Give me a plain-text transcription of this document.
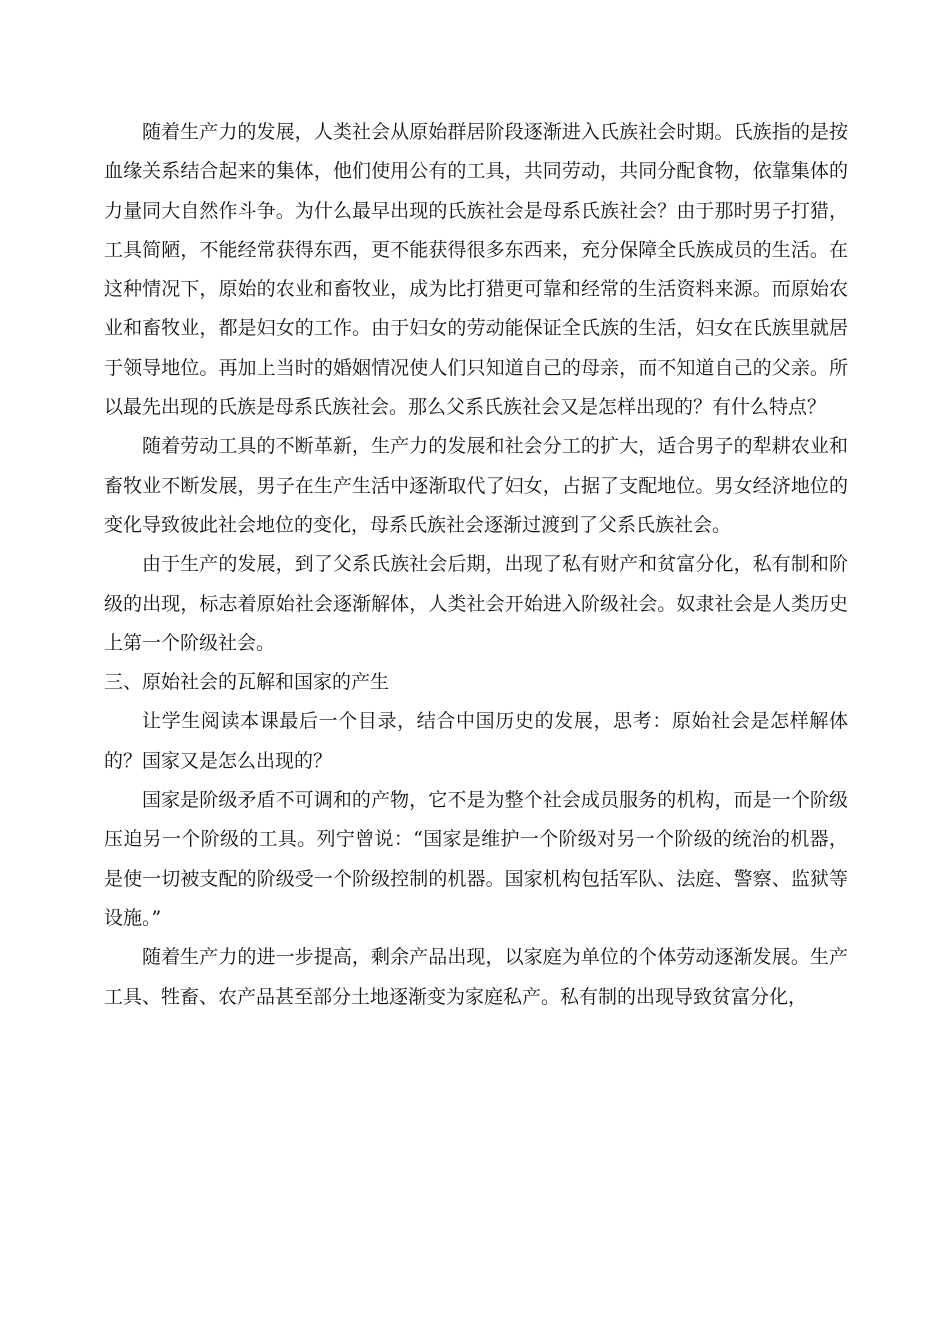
随着生产力的发展，人类社会从原始群居阶段逐渐进入氏族社会时期。氏族指的是按血缘关系结合起来的集体，他们使用公有的工具，共同劳动，共同分配食物，依靠集体的力量同大自然作斗争。为什么最早出现的氏族社会是母系氏族社会？由于那时男子打猎，工具简陋，不能经常获得东西，更不能获得很多东西来，充分保障全氏族成员的生活。在这种情况下，原始的农业和畜牧业，成为比打猎更可靠和经常的生活资料来源。而原始农业和畜牧业，都是妇女的工作。由于妇女的劳动能保证全氏族的生活，妇女在氏族里就居于领导地位。再加上当时的婚姻情况使人们只知道自己的母亲，而不知道自己的父亲。所以最先出现的氏族是母系氏族社会。那么父系氏族社会又是怎样出现的？有什么特点？

随着劳动工具的不断革新，生产力的发展和社会分工的扩大，适合男子的犁耕农业和畜牧业不断发展，男子在生产生活中逐渐取代了妇女，占据了支配地位。男女经济地位的变化导致彼此社会地位的变化，母系氏族社会逐渐过渡到了父系氏族社会。

由于生产的发展，到了父系氏族社会后期，出现了私有财产和贫富分化，私有制和阶级的出现，标志着原始社会逐渐解体，人类社会开始进入阶级社会。奴隶社会是人类历史上第一个阶级社会。

三、原始社会的瓦解和国家的产生

让学生阅读本课最后一个目录，结合中国历史的发展，思考：原始社会是怎样解体的？国家又是怎么出现的？

国家是阶级矛盾不可调和的产物，它不是为整个社会成员服务的机构，而是一个阶级压迫另一个阶级的工具。列宁曾说：“国家是维护一个阶级对另一个阶级的统治的机器，是使一切被支配的阶级受一个阶级控制的机器。国家机构包括军队、法庭、警察、监狱等设施。”

随着生产力的进一步提高，剩余产品出现，以家庭为单位的个体劳动逐渐发展。生产工具、牲畜、农产品甚至部分土地逐渐变为家庭私产。私有制的出现导致贫富分化，
